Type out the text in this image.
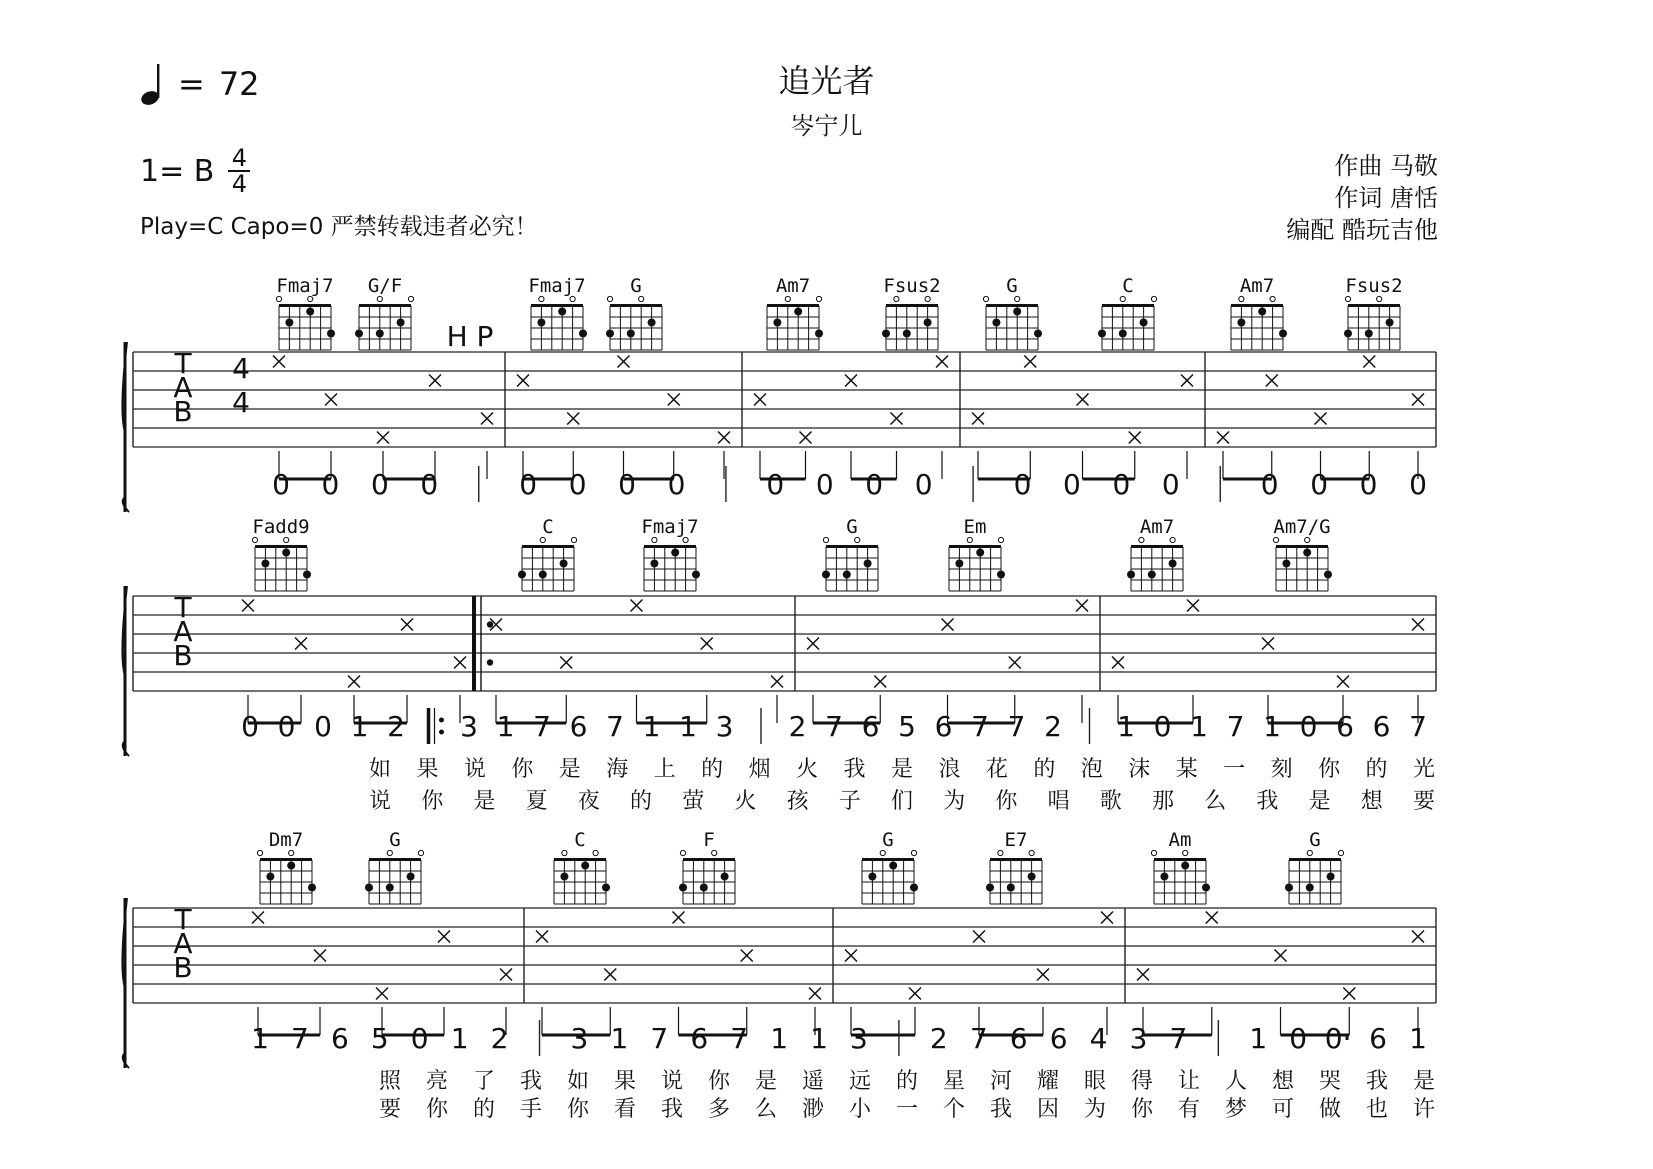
追光者
岑宁儿
= 72
1= B $\frac{4}{4}$
Play=C Capo=0 严禁转载违者必究！
作曲 马敬
作词 唐恬
编配 酷玩吉他
T
A
B
4
4
Fmaj7 G/F	Fmaj7 G	Am7	Fsus2	G	C	Am7	Fsus2
H P
0 0 0 0	0 0 0 0	0 0 0 0	0 0 0 0	0 0 0 0
T
A
B
Fadd9	C	Fmaj7	G	Em	Am7	Am7/G
0 0 0 1 2 3 1 7 6 7 1 1 3 2 7 6 5 6 7 7 2 1 0 1 7 1 0 6 6 7
如 果 说 你 是 海 上 的 烟 火 我 是 浪 花 的 泡 沫 某 一 刻 你 的 光
说 你 是 夏 夜 的 萤 火 孩 子 们 为 你 唱 歌 那 么 我 是 想 要
T
A
B
Dm7	G	C	F	G	E7	Am	G
1 7 6 5 0 1 2 3 1 7 6 7 1 1 3 2 7 6 6 4 3 7 1 0 0· 6 1
照 亮 了 我 如 果 说 你 是 遥 远 的 星 河 耀 眼 得 让 人 想 哭 我 是
要 你 的 手 你 看 我 多 么 渺 小 一 个 我 因 为 你 有 梦 可 做 也 许
